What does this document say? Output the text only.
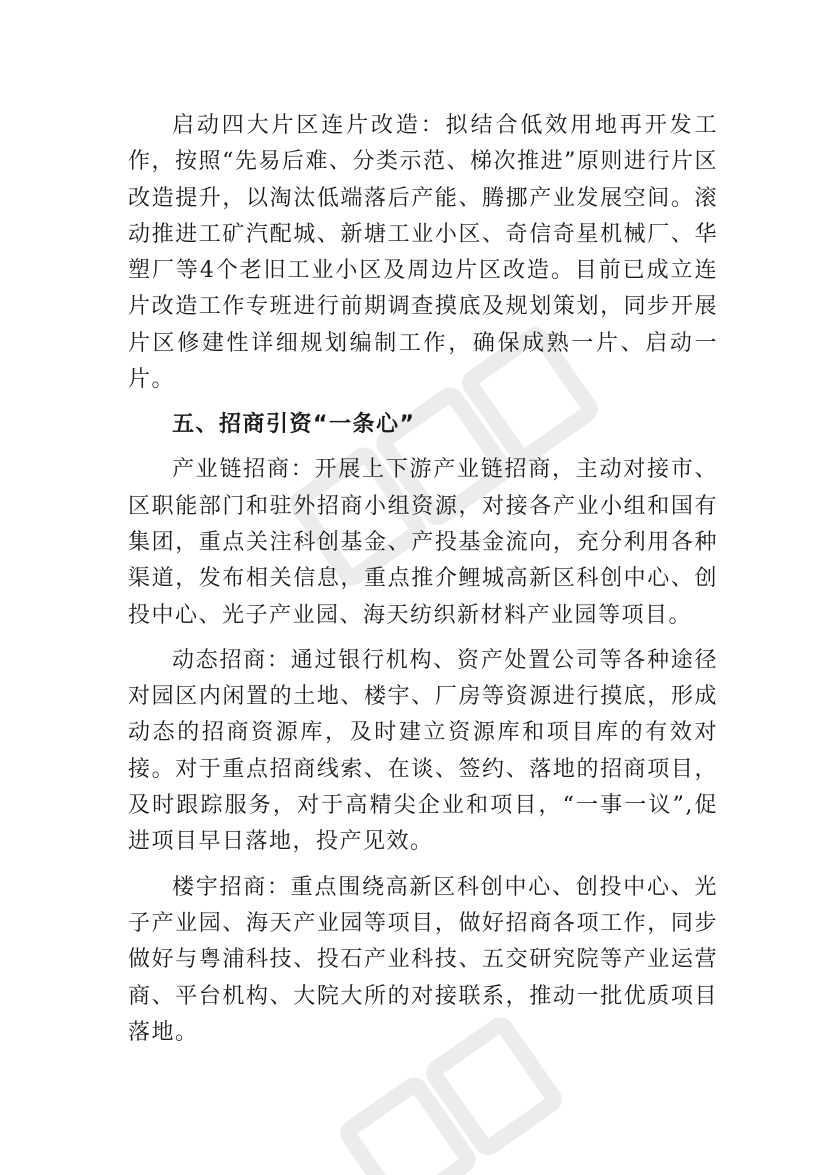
启动四大片区连片改造：拟结合低效用地再开发工作，按照“先易后难、分类示范、梯次推进”原则进行片区改造提升，以淘汰低端落后产能、腾挪产业发展空间。滚动推进工矿汽配城、新塘工业小区、奇信奇星机械厂、华塑厂等4个老旧工业小区及周边片区改造。目前已成立连片改造工作专班进行前期调查摸底及规划策划，同步开展片区修建性详细规划编制工作，确保成熟一片、启动一片。

五、招商引资“一条心”

产业链招商：开展上下游产业链招商，主动对接市、区职能部门和驻外招商小组资源，对接各产业小组和国有集团，重点关注科创基金、产投基金流向，充分利用各种渠道，发布相关信息，重点推介鲤城高新区科创中心、创投中心、光子产业园、海天纺织新材料产业园等项目。

动态招商：通过银行机构、资产处置公司等各种途径对园区内闲置的土地、楼宇、厂房等资源进行摸底，形成动态的招商资源库，及时建立资源库和项目库的有效对接。对于重点招商线索、在谈、签约、落地的招商项目，及时跟踪服务，对于高精尖企业和项目，“一事一议”,促进项目早日落地，投产见效。

楼宇招商：重点围绕高新区科创中心、创投中心、光子产业园、海天产业园等项目，做好招商各项工作，同步做好与粤浦科技、投石产业科技、五交研究院等产业运营商、平台机构、大院大所的对接联系，推动一批优质项目落地。
